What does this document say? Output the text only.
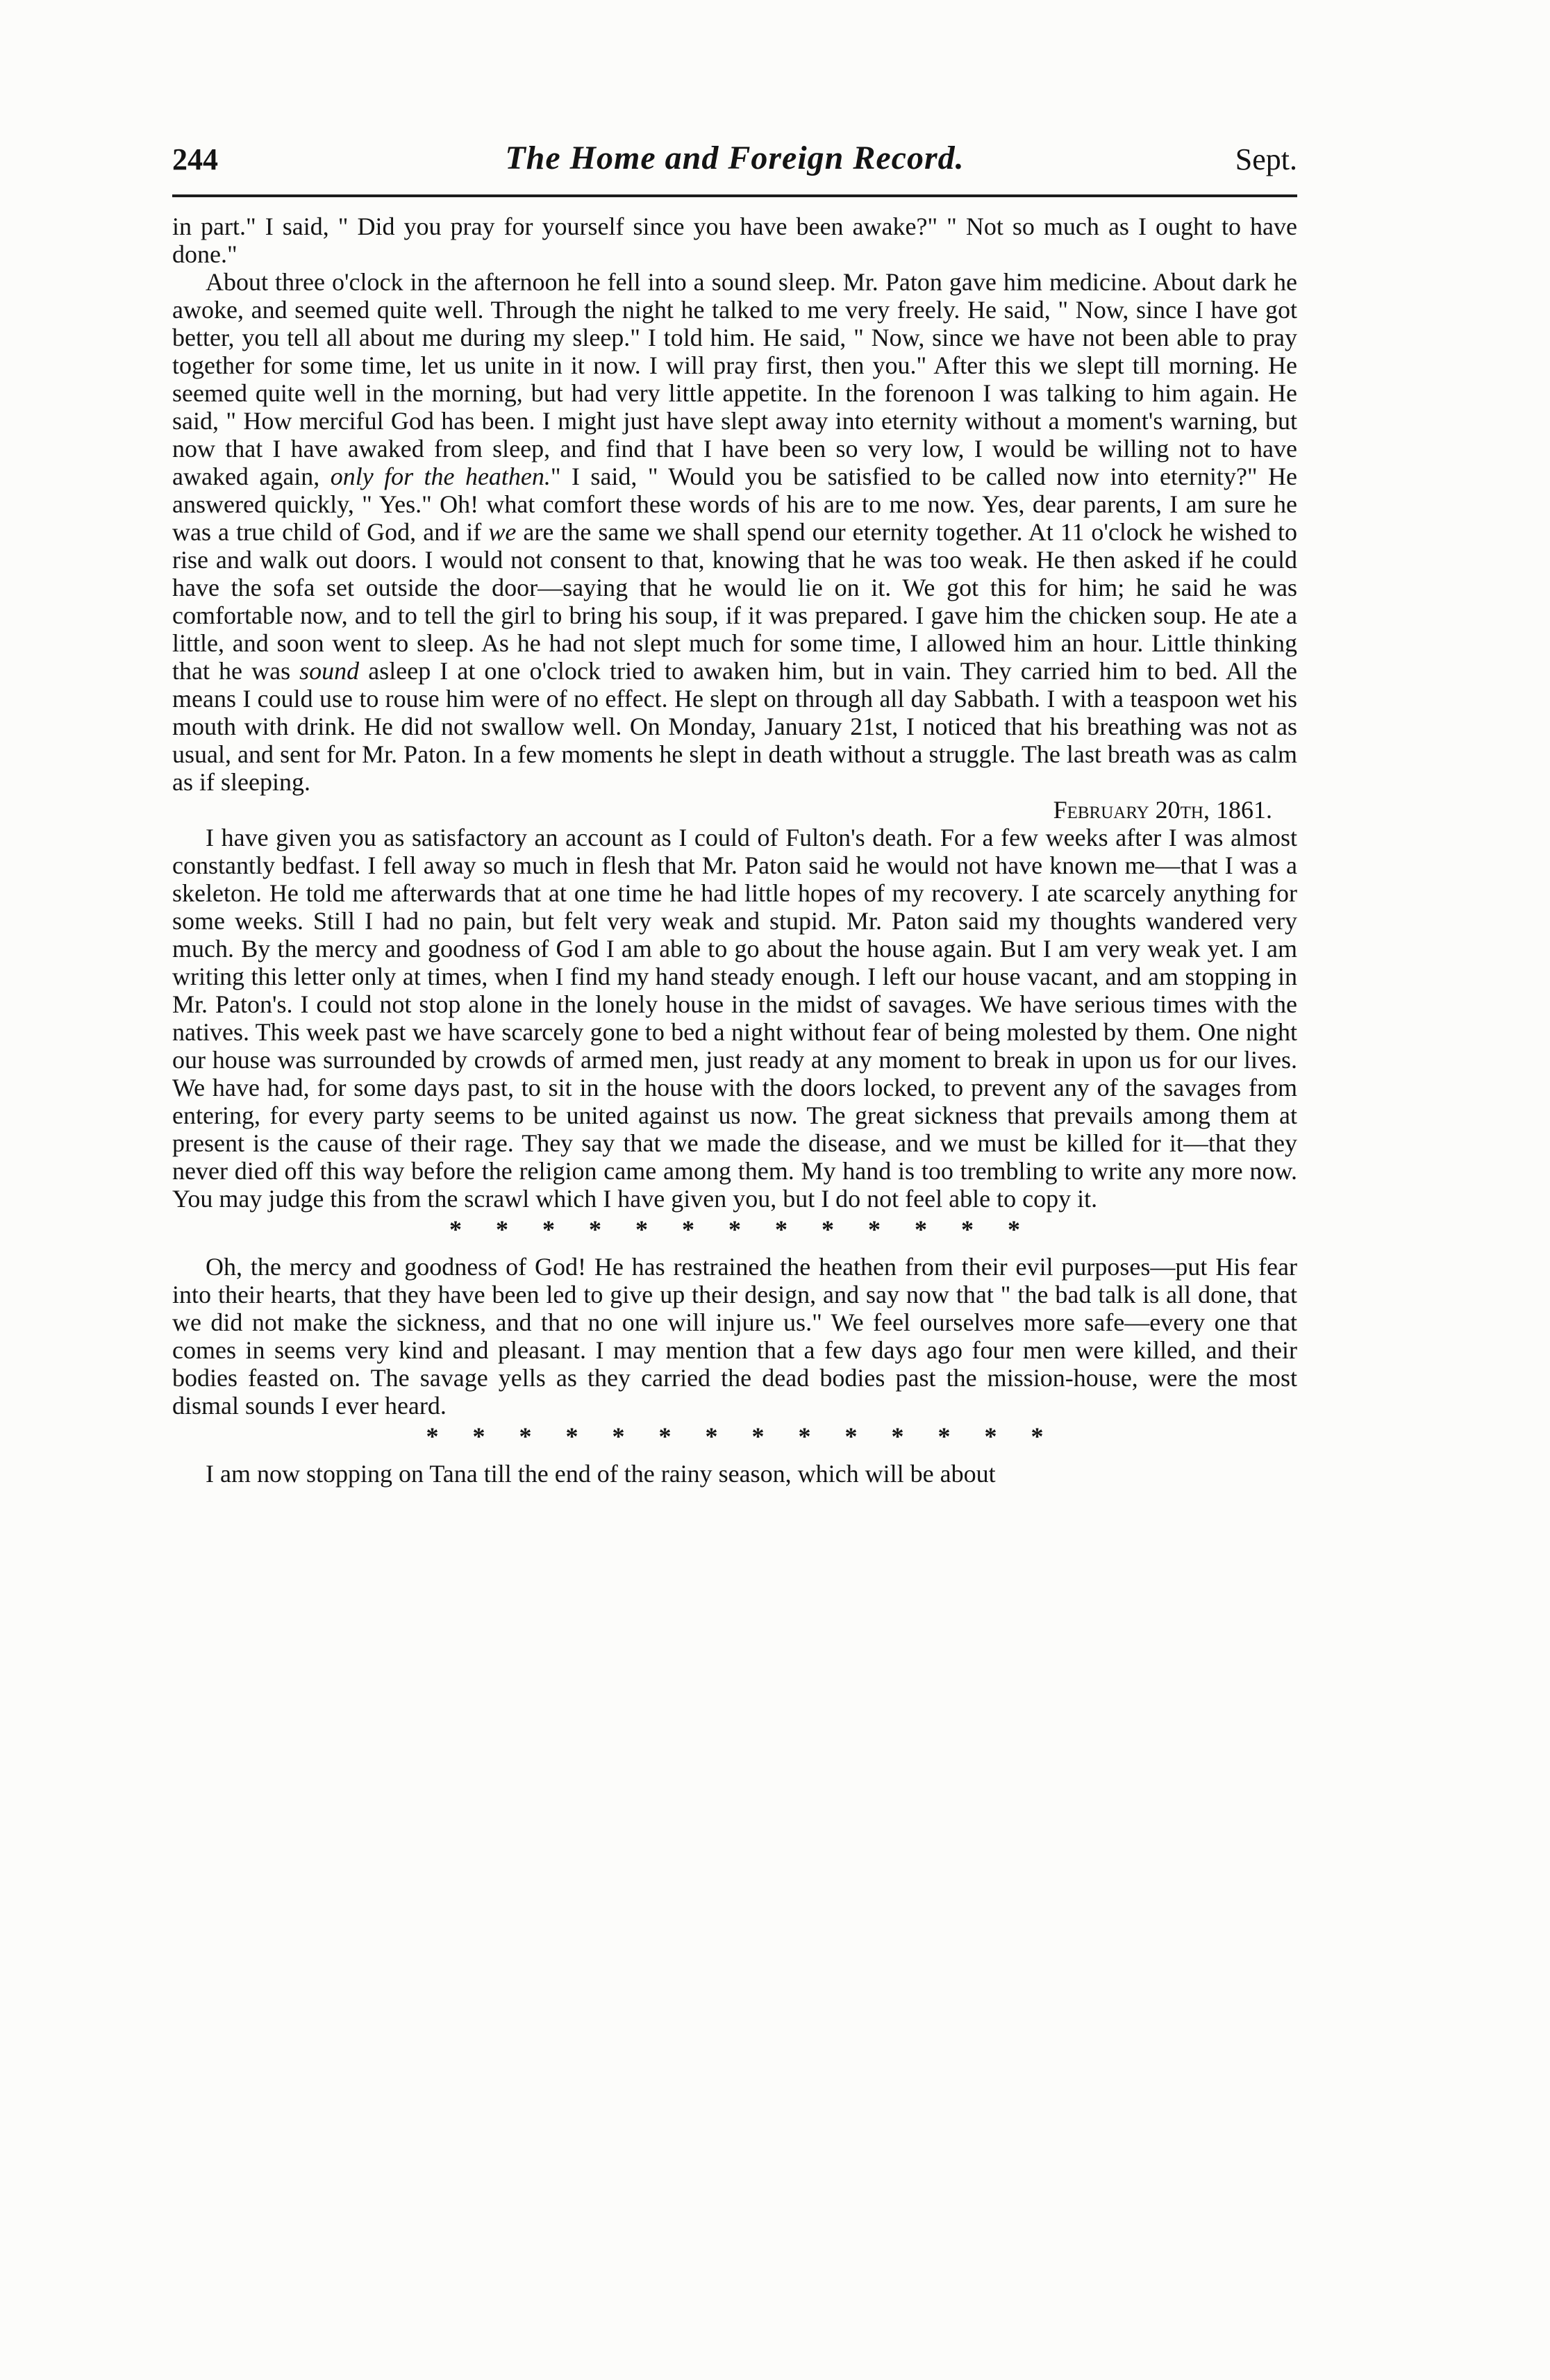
244	The Home and Foreign Record.	Sept.

in part." I said, " Did you pray for yourself since you have been awake?" " Not so much as I ought to have done."

About three o'clock in the afternoon he fell into a sound sleep. Mr. Paton gave him medicine. About dark he awoke, and seemed quite well. Through the night he talked to me very freely. He said, " Now, since I have got better, you tell all about me during my sleep." I told him. He said, " Now, since we have not been able to pray together for some time, let us unite in it now. I will pray first, then you." After this we slept till morning. He seemed quite well in the morning, but had very little appetite. In the forenoon I was talking to him again. He said, " How merciful God has been. I might just have slept away into eternity without a moment's warning, but now that I have awaked from sleep, and find that I have been so very low, I would be willing not to have awaked again, only for the heathen." I said, " Would you be satisfied to be called now into eternity?" He answered quickly, " Yes." Oh! what comfort these words of his are to me now. Yes, dear parents, I am sure he was a true child of God, and if we are the same we shall spend our eternity together. At 11 o'clock he wished to rise and walk out doors. I would not consent to that, knowing that he was too weak. He then asked if he could have the sofa set outside the door—saying that he would lie on it. We got this for him; he said he was comfortable now, and to tell the girl to bring his soup, if it was prepared. I gave him the chicken soup. He ate a little, and soon went to sleep. As he had not slept much for some time, I allowed him an hour. Little thinking that he was sound asleep I at one o'clock tried to awaken him, but in vain. They carried him to bed. All the means I could use to rouse him were of no effect. He slept on through all day Sabbath. I with a teaspoon wet his mouth with drink. He did not swallow well. On Monday, January 21st, I noticed that his breathing was not as usual, and sent for Mr. Paton. In a few moments he slept in death without a struggle. The last breath was as calm as if sleeping.

February 20th, 1861.

I have given you as satisfactory an account as I could of Fulton's death. For a few weeks after I was almost constantly bedfast. I fell away so much in flesh that Mr. Paton said he would not have known me—that I was a skeleton. He told me afterwards that at one time he had little hopes of my recovery. I ate scarcely anything for some weeks. Still I had no pain, but felt very weak and stupid. Mr. Paton said my thoughts wandered very much. By the mercy and goodness of God I am able to go about the house again. But I am very weak yet. I am writing this letter only at times, when I find my hand steady enough. I left our house vacant, and am stopping in Mr. Paton's. I could not stop alone in the lonely house in the midst of savages. We have serious times with the natives. This week past we have scarcely gone to bed a night without fear of being molested by them. One night our house was surrounded by crowds of armed men, just ready at any moment to break in upon us for our lives. We have had, for some days past, to sit in the house with the doors locked, to prevent any of the savages from entering, for every party seems to be united against us now. The great sickness that prevails among them at present is the cause of their rage. They say that we made the disease, and we must be killed for it—that they never died off this way before the religion came among them. My hand is too trembling to write any more now. You may judge this from the scrawl which I have given you, but I do not feel able to copy it.

* * * * * * * * * * * * *

Oh, the mercy and goodness of God! He has restrained the heathen from their evil purposes—put His fear into their hearts, that they have been led to give up their design, and say now that " the bad talk is all done, that we did not make the sickness, and that no one will injure us." We feel ourselves more safe—every one that comes in seems very kind and pleasant. I may mention that a few days ago four men were killed, and their bodies feasted on. The savage yells as they carried the dead bodies past the mission-house, were the most dismal sounds I ever heard.

* * * * * * * * * * * * * *

I am now stopping on Tana till the end of the rainy season, which will be about
